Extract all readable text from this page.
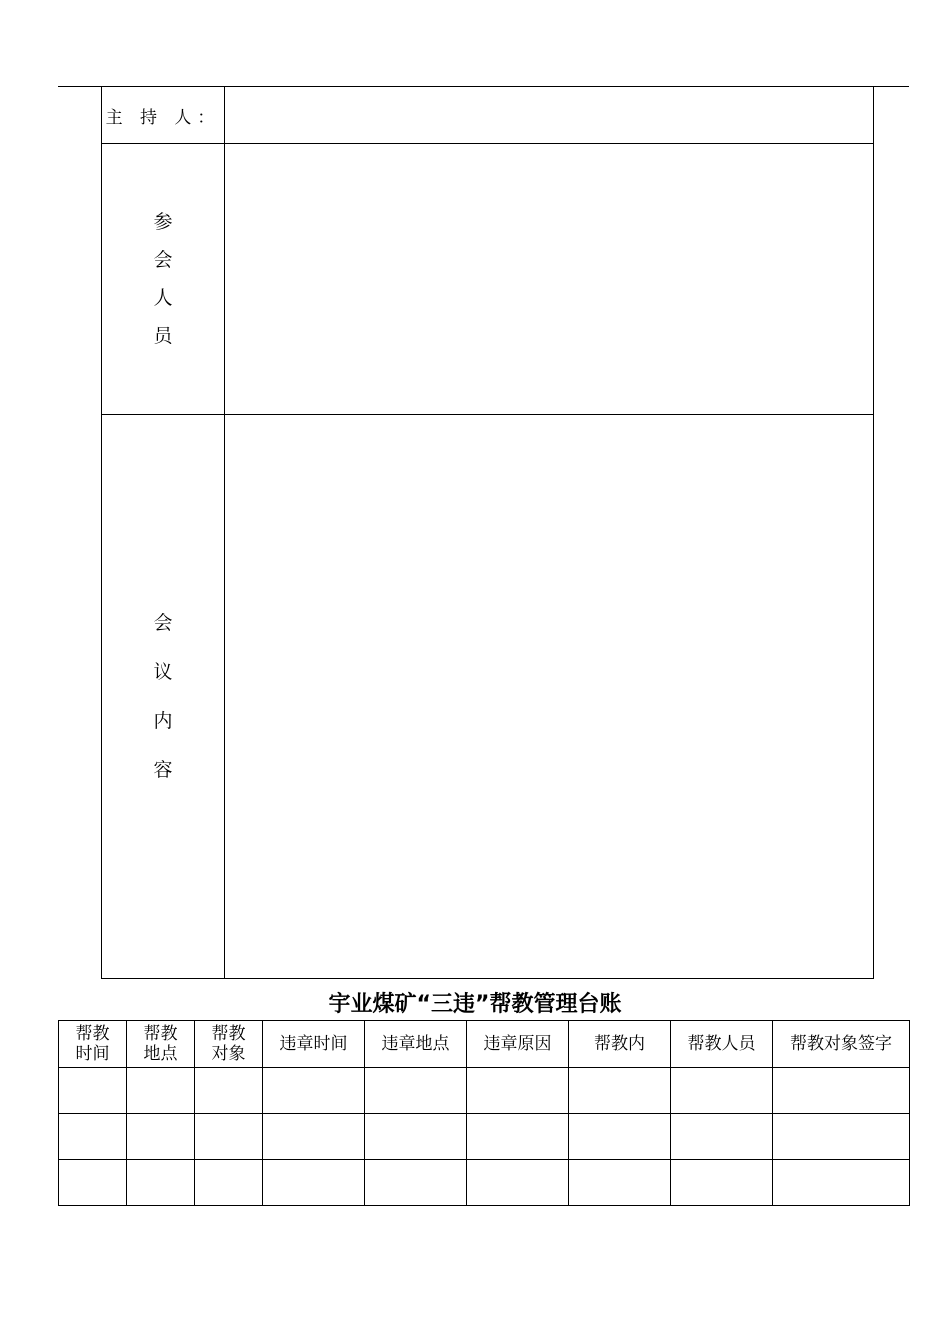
主 持 人：	
参会人员	
会议内容	
宇业煤矿“三违”帮教管理台账
帮教时间	帮教地点	帮教对象	违章时间	违章地点	违章原因	帮教内	帮教人员	帮教对象签字
